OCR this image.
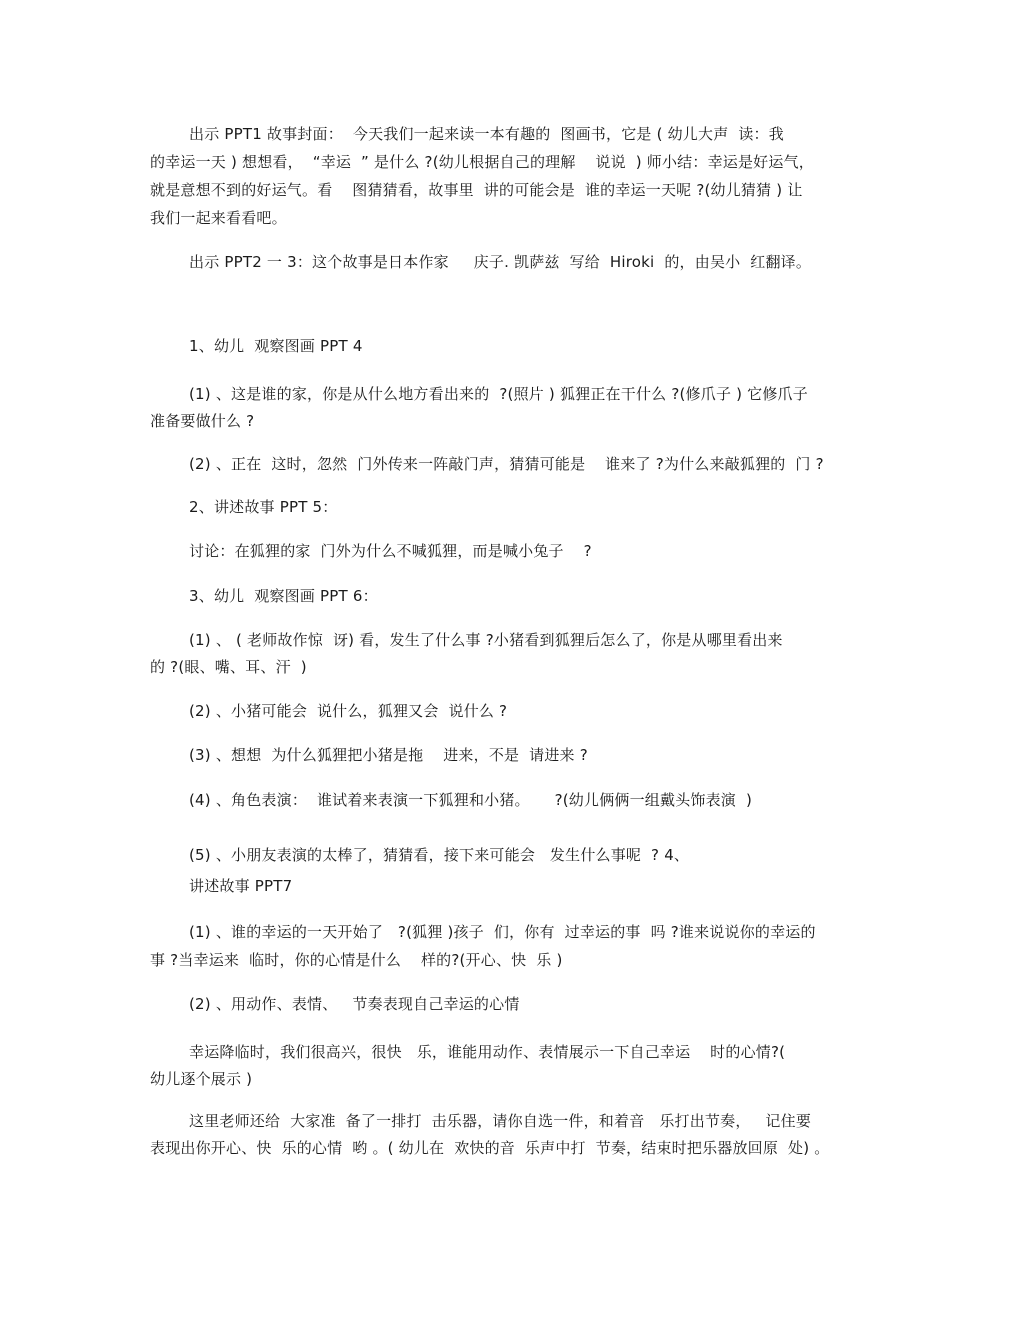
出示 PPT1 故事封面：  今天我们一起来读一本有趣的  图画书，它是 ( 幼儿大声  读：我
的幸运一天 ) 想想看，  “幸运  ” 是什么 ?(幼儿根据自己的理解    说说  ) 师小结：幸运是好运气，
就是意想不到的好运气。看    图猜猜看，故事里  讲的可能会是  谁的幸运一天呢 ?(幼儿猜猜 ) 让
我们一起来看看吧。
出示 PPT2 一 3：这个故事是日本作家     庆子. 凯萨兹  写给  Hiroki  的，由吴小  红翻译。
1、幼儿  观察图画 PPT 4
(1) 、这是谁的家，你是从什么地方看出来的  ?(照片 ) 狐狸正在干什么 ?(修爪子 ) 它修爪子
准备要做什么 ?
(2) 、正在  这时，忽然  门外传来一阵敲门声，猜猜可能是    谁来了 ?为什么来敲狐狸的  门 ?
2、讲述故事 PPT 5：
讨论：在狐狸的家  门外为什么不喊狐狸，而是喊小兔子    ?
3、幼儿  观察图画 PPT 6：
(1) 、 ( 老师故作惊  讶) 看，发生了什么事 ?小猪看到狐狸后怎么了，你是从哪里看出来
的 ?(眼、嘴、耳、汗  )
(2) 、小猪可能会  说什么，狐狸又会  说什么 ?
(3) 、想想  为什么狐狸把小猪是拖    进来，不是  请进来 ?
(4) 、角色表演：  谁试着来表演一下狐狸和小猪。     ?(幼儿俩俩一组戴头饰表演  )
(5) 、小朋友表演的太棒了，猜猜看，接下来可能会   发生什么事呢  ? 4、
讲述故事 PPT7
(1) 、谁的幸运的一天开始了   ?(狐狸 )孩子  们，你有  过幸运的事  吗 ?谁来说说你的幸运的
事 ?当幸运来  临时，你的心情是什么    样的?(开心、快  乐 )
(2) 、用动作、表情、   节奏表现自己幸运的心情
幸运降临时，我们很高兴，很快   乐，谁能用动作、表情展示一下自己幸运    时的心情?(
幼儿逐个展示 )
这里老师还给  大家准  备了一排打  击乐器，请你自选一件，和着音   乐打出节奏，   记住要
表现出你开心、快  乐的心情  哟 。( 幼儿在  欢快的音  乐声中打  节奏，结束时把乐器放回原  处) 。
